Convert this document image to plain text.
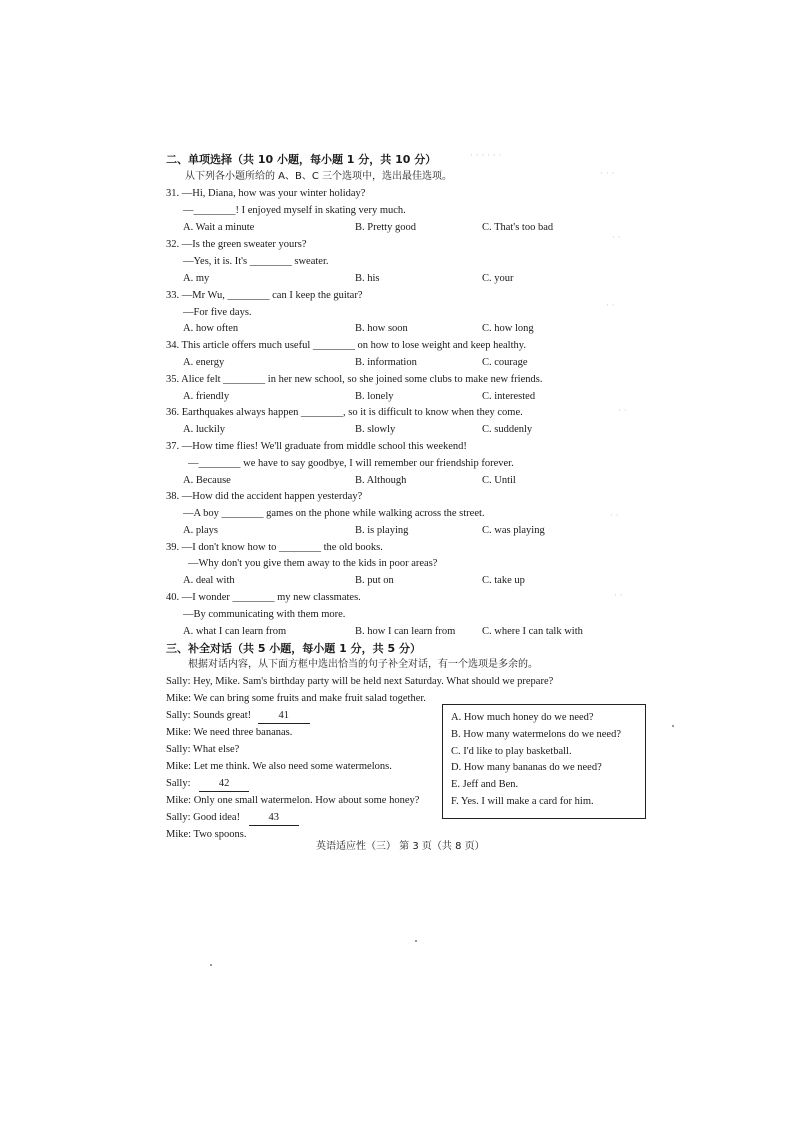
· · · · · ·
· · ·
· ·
· ·
· ·
· ·
· ·
二、单项选择（共 10 小题，每小题 1 分，共 10 分）
从下列各小题所给的 A、B、C 三个选项中，选出最佳选项。
31. —Hi, Diana, how was your winter holiday?
—________! I enjoyed myself in skating very much.
A. Wait a minute	B. Pretty good	C. That's too bad
32. —Is the green sweater yours?
—Yes, it is. It's ________ sweater.
A. my	B. his	C. your
33. —Mr Wu, ________ can I keep the guitar?
—For five days.
A. how often	B. how soon	C. how long
34. This article offers much useful ________ on how to lose weight and keep healthy.
A. energy	B. information	C. courage
35. Alice felt ________ in her new school, so she joined some clubs to make new friends.
A. friendly	B. lonely	C. interested
36. Earthquakes always happen ________, so it is difficult to know when they come.
A. luckily	B. slowly	C. suddenly
37. —How time flies! We'll graduate from middle school this weekend!
—________ we have to say goodbye, I will remember our friendship forever.
A. Because	B. Although	C. Until
38. —How did the accident happen yesterday?
—A boy ________ games on the phone while walking across the street.
A. plays	B. is playing	C. was playing
39. —I don't know how to ________ the old books.
—Why don't you give them away to the kids in poor areas?
A. deal with	B. put on	C. take up
40. —I wonder ________ my new classmates.
—By communicating with them more.
A. what I can learn from	B. how I can learn from	C. where I can talk with
三、补全对话（共 5 小题，每小题 1 分，共 5 分）
根据对话内容，从下面方框中选出恰当的句子补全对话，有一个选项是多余的。
Sally: Hey, Mike. Sam's birthday party will be held next Saturday. What should we prepare?
Mike: We can bring some fruits and make fruit salad together.
Sally: Sounds great!	41
Mike: We need three bananas.
Sally: What else?
Mike: Let me think. We also need some watermelons.
Sally:	42
Mike: Only one small watermelon. How about some honey?
Sally: Good idea!	43
Mike: Two spoons.
A. How much honey do we need?
B. How many watermelons do we need?
C. I'd like to play basketball.
D. How many bananas do we need?
E. Jeff and Ben.
F. Yes. I will make a card for him.
英语适应性（三） 第 3 页（共 8 页）
